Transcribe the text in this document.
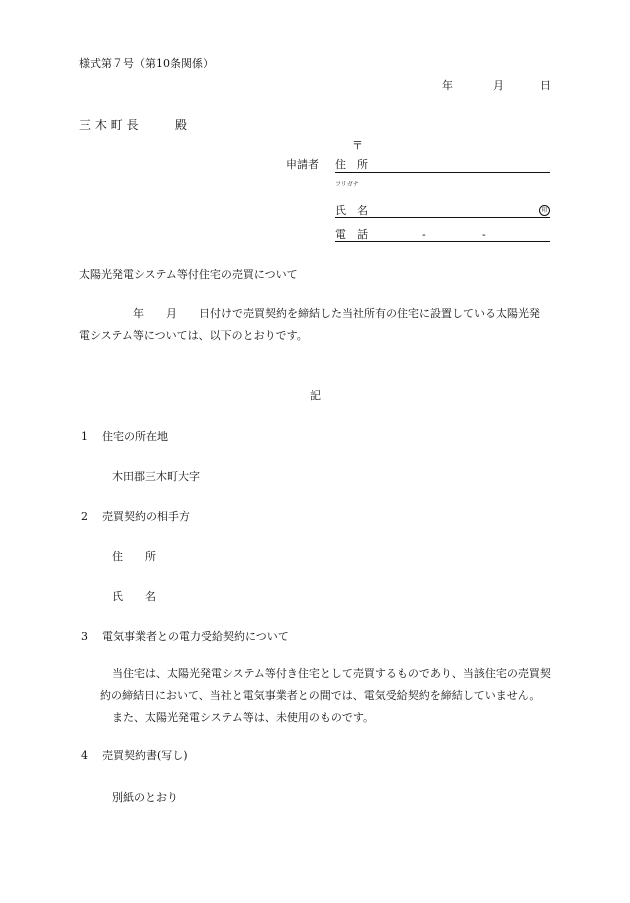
様式第７号（第10条関係）
年	月	日
三 木 町 長	殿
〒
申請者 住　所
フリガナ
氏　名	印
電　話	-	-
太陽光発電システム等付住宅の売買について
年　　月　　日付けで売買契約を締結した当社所有の住宅に設置している太陽光発
電システム等については、以下のとおりです。
記
1 住宅の所在地
木田郡三木町大字
2 売買契約の相手方
住　　所
氏　　名
3 電気事業者との電力受給契約について
当住宅は、太陽光発電システム等付き住宅として売買するものであり、当該住宅の売買契
約の締結日において、当社と電気事業者との間では、電気受給契約を締結していません。
また、太陽光発電システム等は、未使用のものです。
4 売買契約書(写し)
別紙のとおり
